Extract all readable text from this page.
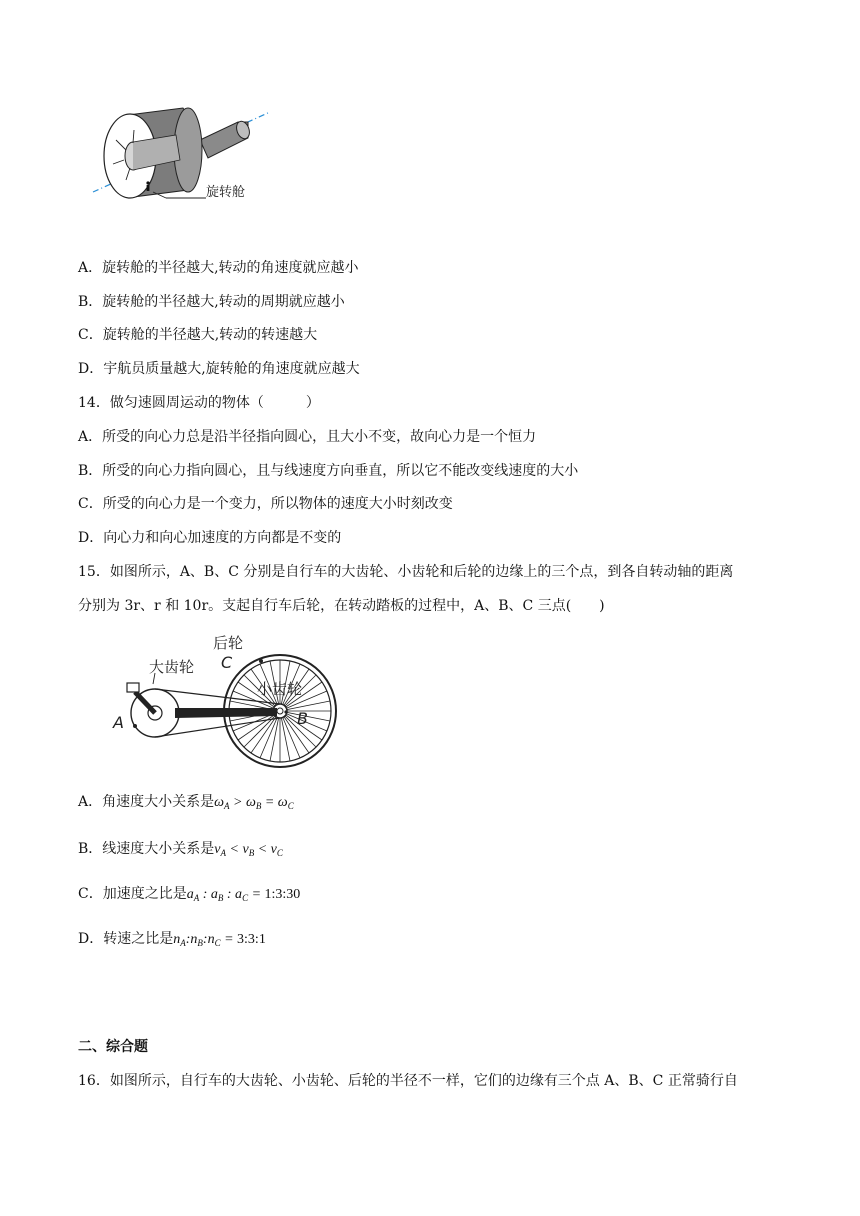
旋转舱
A．旋转舱的半径越大,转动的角速度就应越小
B．旋转舱的半径越大,转动的周期就应越小
C．旋转舱的半径越大,转动的转速越大
D．宇航员质量越大,旋转舱的角速度就应越大
14．做匀速圆周运动的物体（	）
A．所受的向心力总是沿半径指向圆心，且大小不变，故向心力是一个恒力
B．所受的向心力指向圆心，且与线速度方向垂直，所以它不能改变线速度的大小
C．所受的向心力是一个变力，所以物体的速度大小时刻改变
D．向心力和向心加速度的方向都是不变的
15．如图所示，A、B、C 分别是自行车的大齿轮、小齿轮和后轮的边缘上的三个点，到各自转动轴的距离
分别为 3r、r 和 10r。支起自行车后轮，在转动踏板的过程中，A、B、C 三点(　　)
后轮
C
大齿轮
小齿轮
A	B
A．角速度大小关系是$\omega_A > \omega_B = \omega_C$
B．线速度大小关系是$v_A < v_B < v_C$
C．加速度之比是$a_A$ : $a_B$ : $a_C$ = 1:3:30
D．转速之比是$n_A:n_B:n_C$ = 3:3:1
二、综合题
16．如图所示，自行车的大齿轮、小齿轮、后轮的半径不一样，它们的边缘有三个点 A、B、C 正常骑行自
